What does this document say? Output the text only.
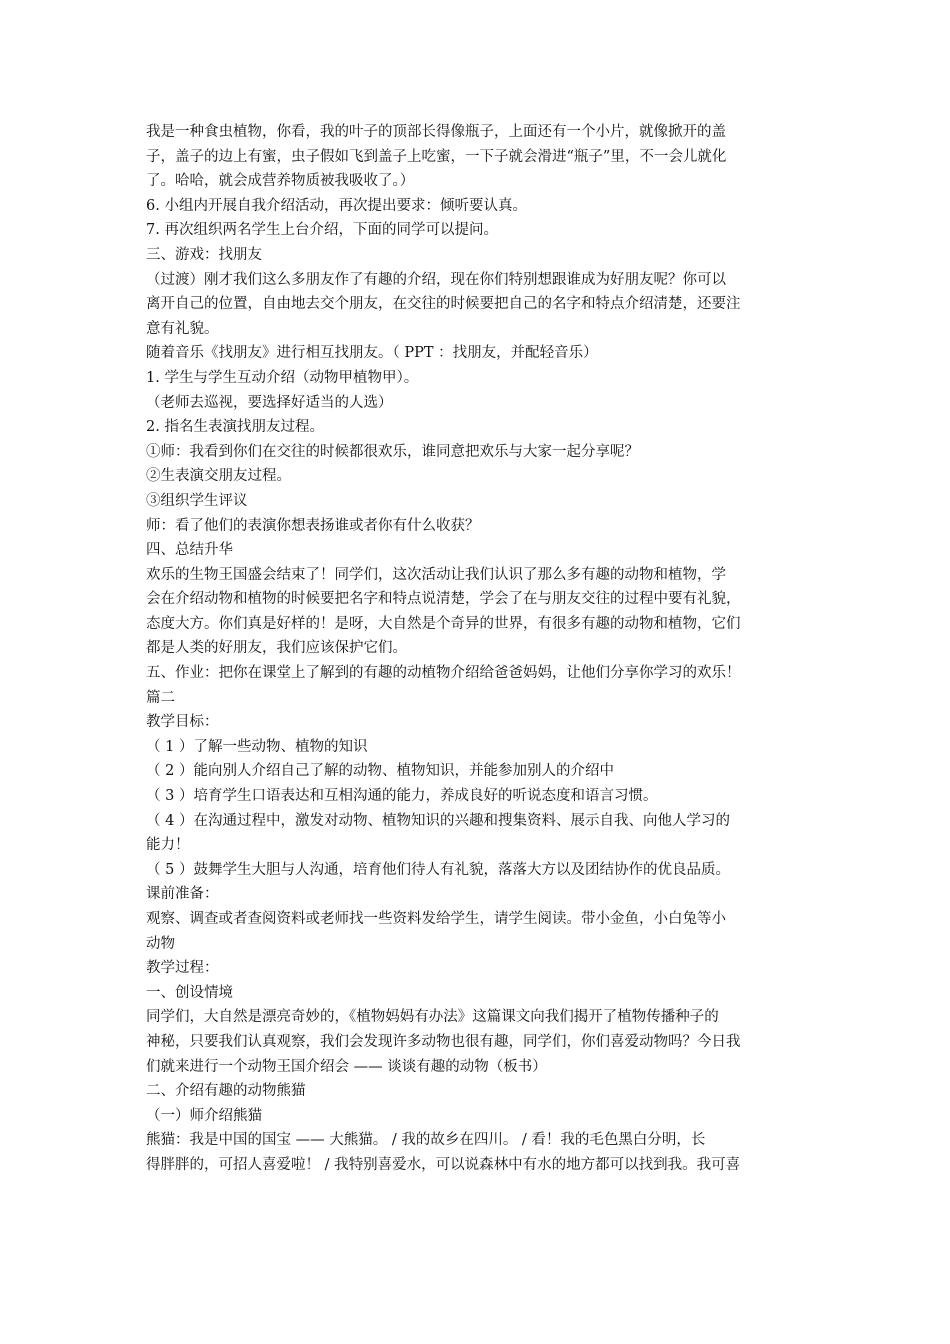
我是一种食虫植物，你看，我的叶子的顶部长得像瓶子，上面还有一个小片，就像掀开的盖
子，盖子的边上有蜜，虫子假如飞到盖子上吃蜜，一下子就会滑进“瓶子”里，不一会儿就化
了。哈哈，就会成营养物质被我吸收了。）
6. 小组内开展自我介绍活动，再次提出要求：倾听要认真。
7. 再次组织两名学生上台介绍，下面的同学可以提问。
三、游戏：找朋友
（过渡）刚才我们这么多朋友作了有趣的介绍，现在你们特别想跟谁成为好朋友呢？你可以
离开自己的位置，自由地去交个朋友，在交往的时候要把自己的名字和特点介绍清楚，还要注
意有礼貌。
随着音乐《找朋友》进行相互找朋友。（ PPT ：找朋友，并配轻音乐）
1. 学生与学生互动介绍（动物甲植物甲）。
（老师去巡视，要选择好适当的人选）
2. 指名生表演找朋友过程。
①师：我看到你们在交往的时候都很欢乐，谁同意把欢乐与大家一起分享呢？
②生表演交朋友过程。
③组织学生评议
师：看了他们的表演你想表扬谁或者你有什么收获？
四、总结升华
欢乐的生物王国盛会结束了！同学们，这次活动让我们认识了那么多有趣的动物和植物，学
会在介绍动物和植物的时候要把名字和特点说清楚，学会了在与朋友交往的过程中要有礼貌，
态度大方。你们真是好样的！是呀，大自然是个奇异的世界，有很多有趣的动物和植物，它们
都是人类的好朋友，我们应该保护它们。
五、作业：把你在课堂上了解到的有趣的动植物介绍给爸爸妈妈，让他们分享你学习的欢乐！
篇二
教学目标：
（ 1 ）了解一些动物、植物的知识
（ 2 ）能向别人介绍自己了解的动物、植物知识，并能参加别人的介绍中
（ 3 ）培育学生口语表达和互相沟通的能力，养成良好的听说态度和语言习惯。
（ 4 ）在沟通过程中，激发对动物、植物知识的兴趣和搜集资料、展示自我、向他人学习的
能力！
（ 5 ）鼓舞学生大胆与人沟通，培育他们待人有礼貌，落落大方以及团结协作的优良品质。
课前准备：
观察、调查或者查阅资料或老师找一些资料发给学生，请学生阅读。带小金鱼，小白兔等小
动物
教学过程：
一、创设情境
同学们，大自然是漂亮奇妙的，《植物妈妈有办法》这篇课文向我们揭开了植物传播种子的
神秘，只要我们认真观察，我们会发现许多动物也很有趣，同学们，你们喜爱动物吗？今日我
们就来进行一个动物王国介绍会 —— 谈谈有趣的动物（板书）
二、介绍有趣的动物熊猫
（一）师介绍熊猫
熊猫：我是中国的国宝 —— 大熊猫。 / 我的故乡在四川。 / 看！我的毛色黑白分明，长
得胖胖的，可招人喜爱啦！ / 我特别喜爱水，可以说森林中有水的地方都可以找到我。我可喜
